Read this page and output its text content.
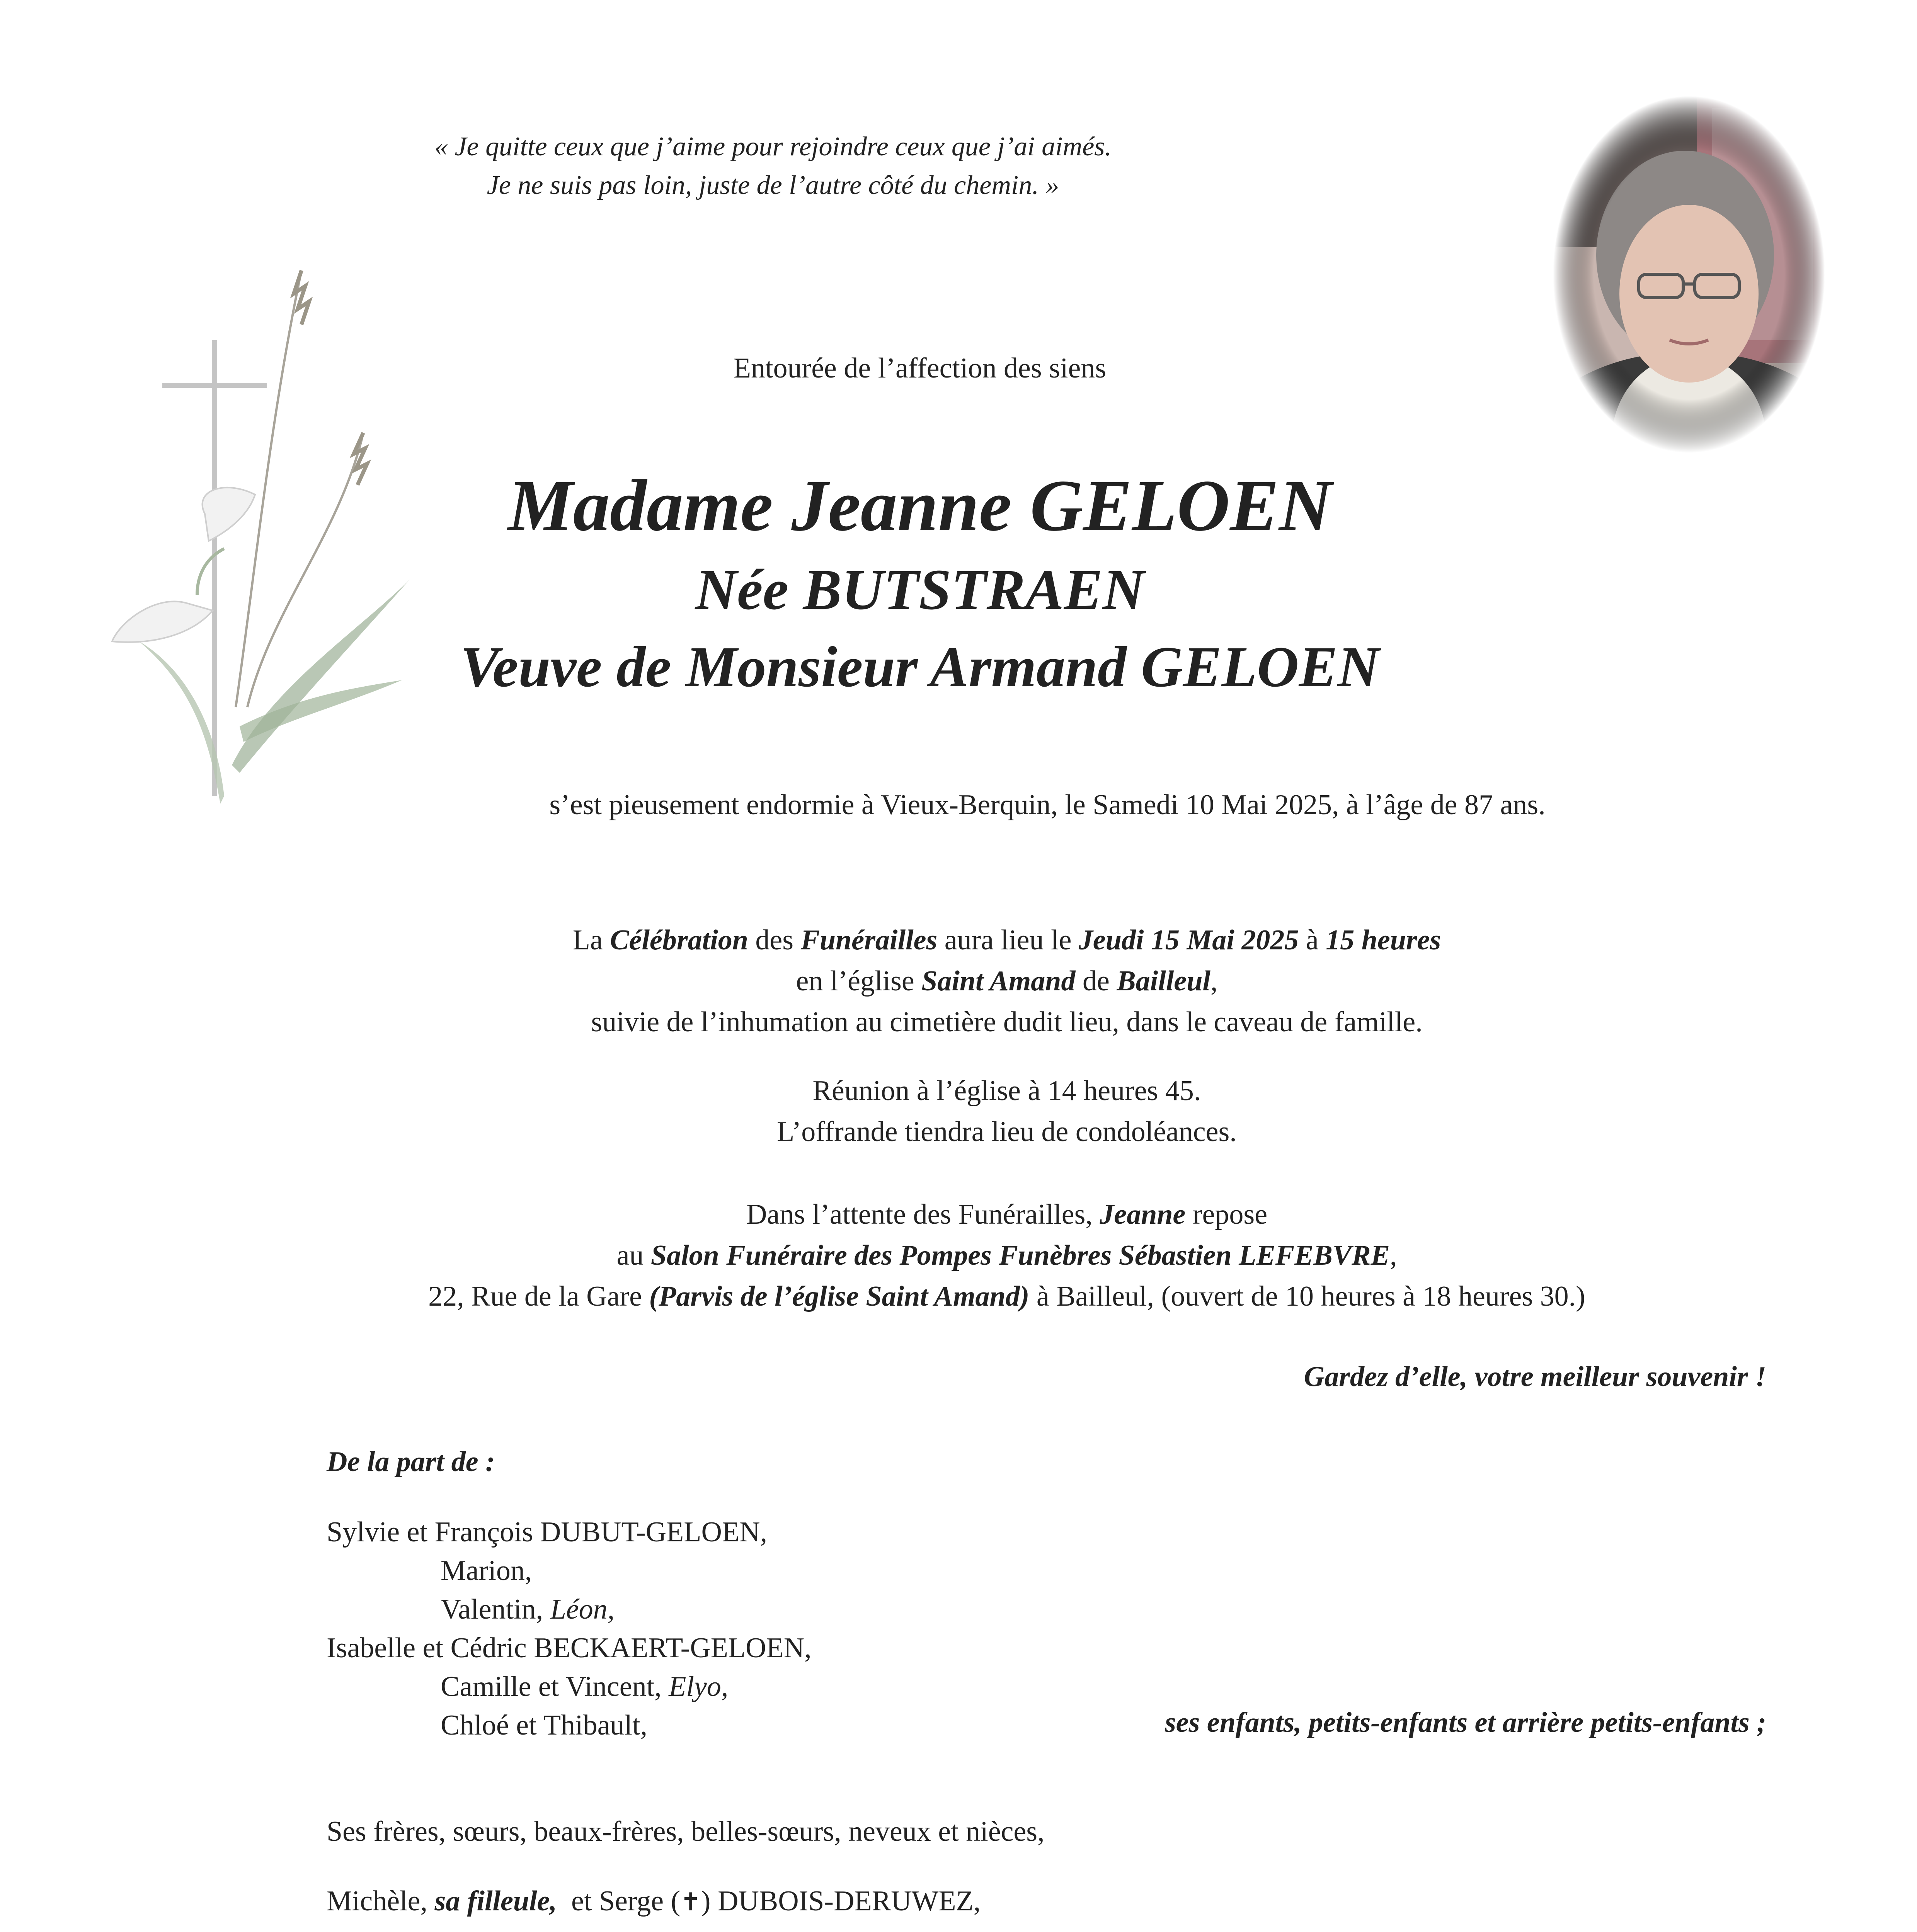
« Je quitte ceux que j’aime pour rejoindre ceux que j’ai aimés.
Je ne suis pas loin, juste de l’autre côté du chemin. »
Entourée de l’affection des siens
Madame Jeanne GELOEN
Née BUTSTRAEN
Veuve de Monsieur Armand GELOEN
s’est pieusement endormie à Vieux-Berquin, le Samedi 10 Mai 2025, à l’âge de 87 ans.
La Célébration des Funérailles aura lieu le Jeudi 15 Mai 2025 à 15 heures
en l’église Saint Amand de Bailleul,
suivie de l’inhumation au cimetière dudit lieu, dans le caveau de famille.
Réunion à l’église à 14 heures 45.
L’offrande tiendra lieu de condoléances.
Dans l’attente des Funérailles, Jeanne repose
au Salon Funéraire des Pompes Funèbres Sébastien LEFEBVRE,
22, Rue de la Gare (Parvis de l’église Saint Amand) à Bailleul, (ouvert de 10 heures à 18 heures 30.)
Gardez d’elle, votre meilleur souvenir !
De la part de :
Sylvie et François DUBUT-GELOEN,
Marion,
Valentin, Léon,
Isabelle et Cédric BECKAERT-GELOEN,
Camille et Vincent, Elyo,
Chloé et Thibault,	ses enfants, petits-enfants et arrière petits-enfants ;
Ses frères, sœurs, beaux-frères, belles-sœurs, neveux et nièces,
Michèle, sa filleule,  et Serge (✝) DUBOIS-DERUWEZ,
